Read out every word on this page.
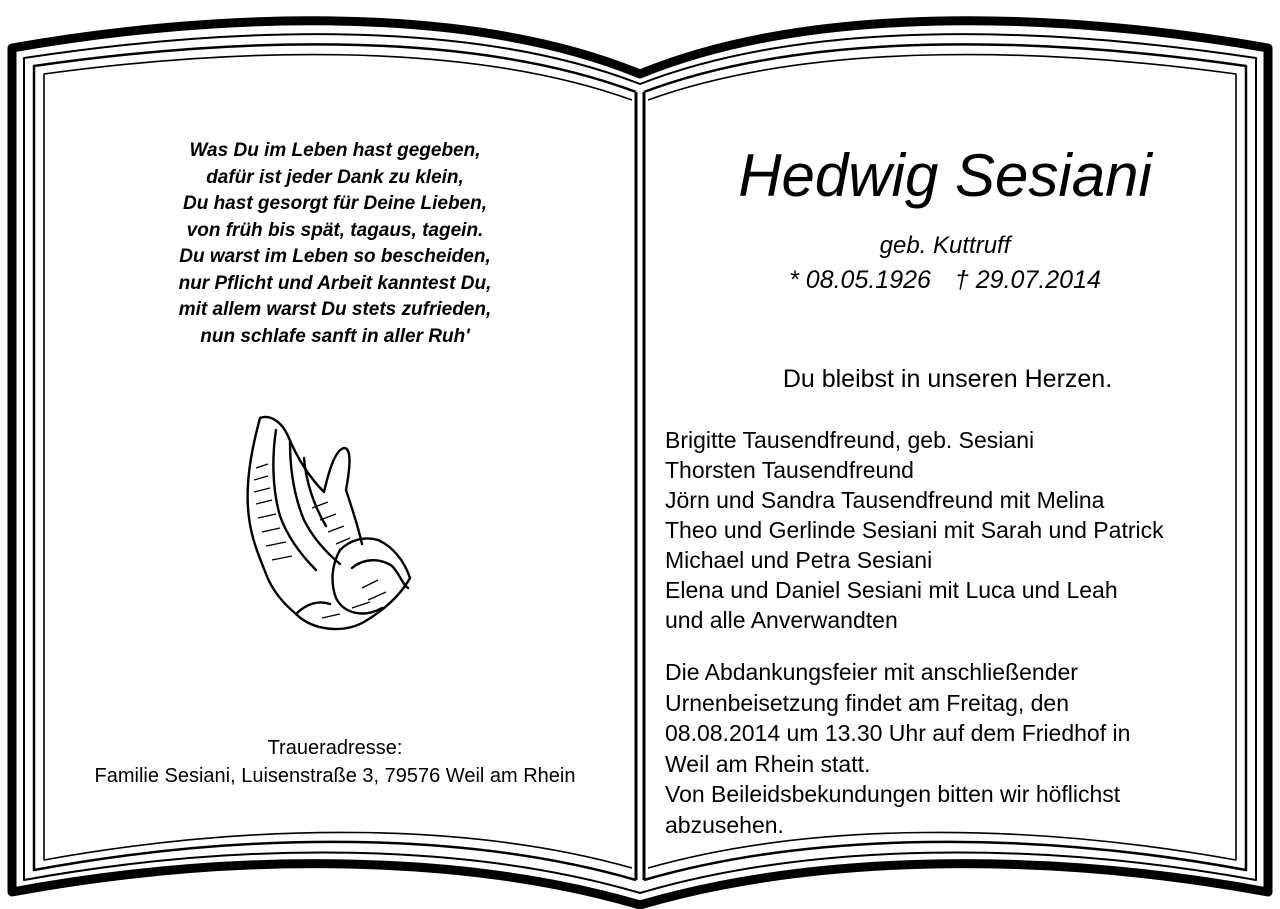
Was Du im Leben hast gegeben,
dafür ist jeder Dank zu klein,
Du hast gesorgt für Deine Lieben,
von früh bis spät, tagaus, tagein.
Du warst im Leben so bescheiden,
nur Pflicht und Arbeit kanntest Du,
mit allem warst Du stets zufrieden,
nun schlafe sanft in aller Ruh'
Traueradresse:
Familie Sesiani, Luisenstraße 3, 79576 Weil am Rhein
Hedwig Sesiani
geb. Kuttruff
* 08.05.1926 † 29.07.2014
Du bleibst in unseren Herzen.
Brigitte Tausendfreund, geb. Sesiani
Thorsten Tausendfreund
Jörn und Sandra Tausendfreund mit Melina
Theo und Gerlinde Sesiani mit Sarah und Patrick
Michael und Petra Sesiani
Elena und Daniel Sesiani mit Luca und Leah
und alle Anverwandten
Die Abdankungsfeier mit anschließender
Urnenbeisetzung findet am Freitag, den
08.08.2014 um 13.30 Uhr auf dem Friedhof in
Weil am Rhein statt.
Von Beileidsbekundungen bitten wir höflichst
abzusehen.
